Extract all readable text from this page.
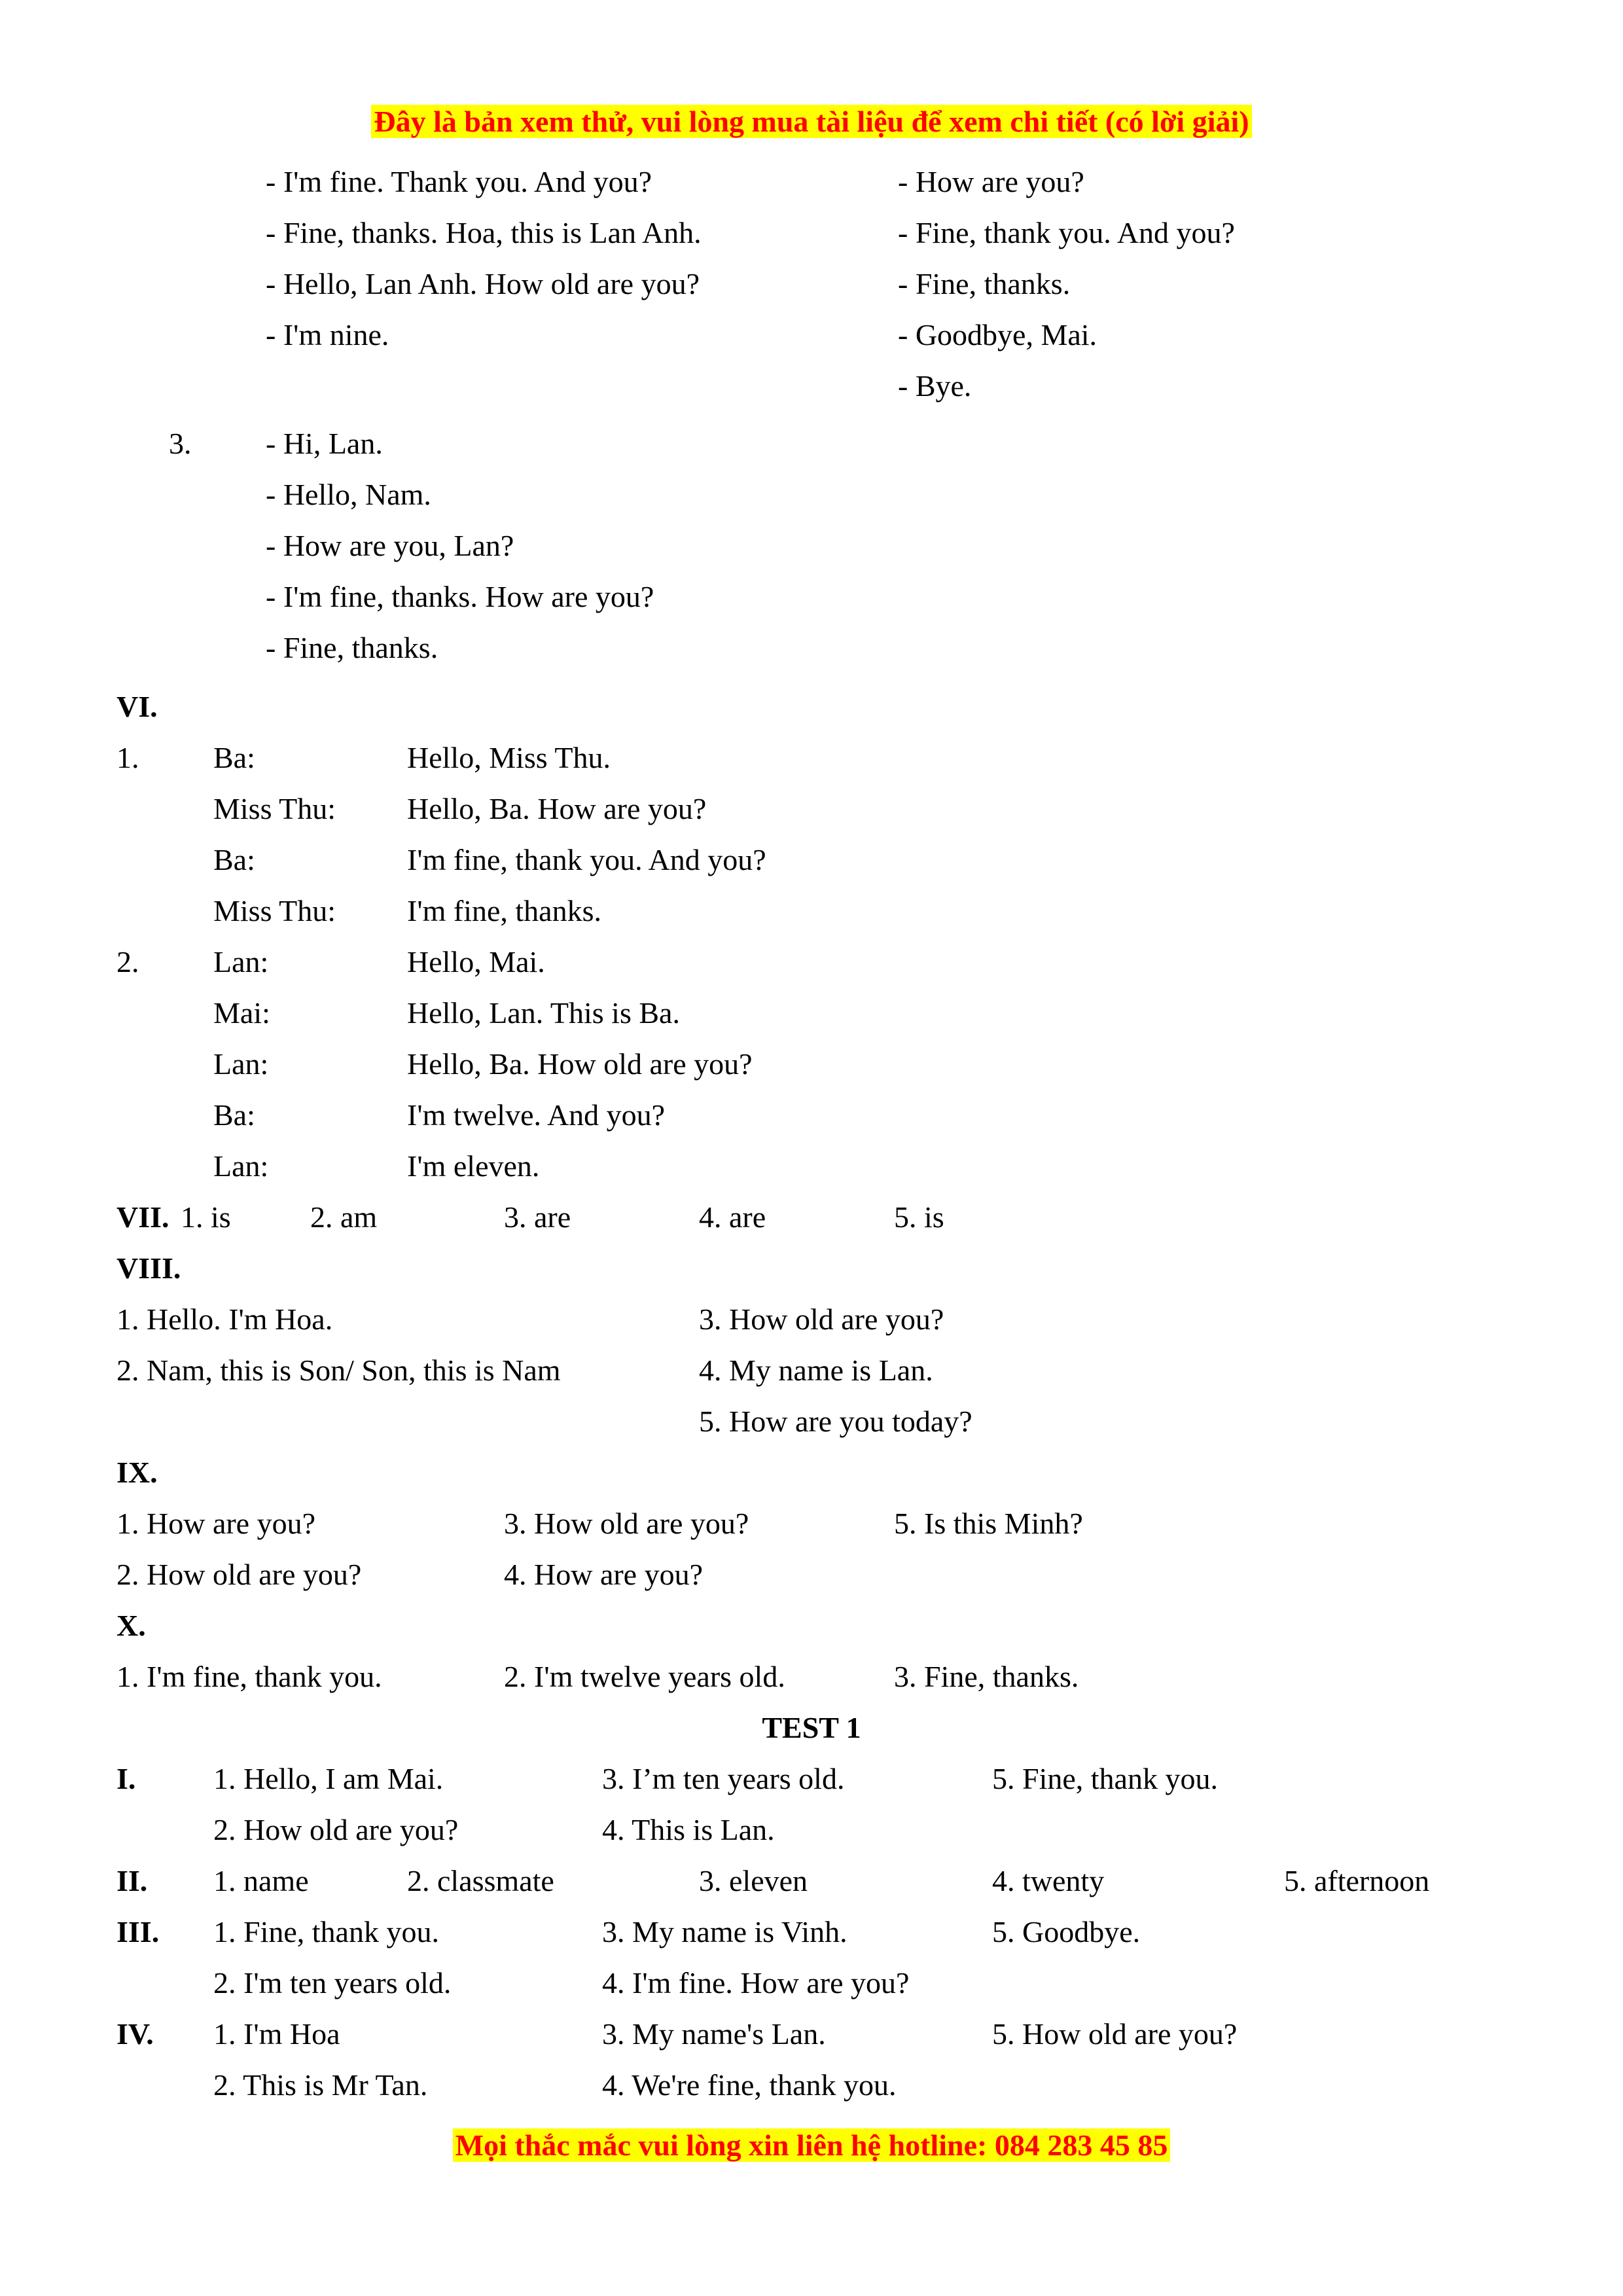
Đây là bản xem thử, vui lòng mua tài liệu để xem chi tiết (có lời giải)
- I'm fine. Thank you. And you?
- Fine, thanks. Hoa, this is Lan Anh.
- Hello, Lan Anh. How old are you?
- I'm nine.
- How are you?
- Fine, thank you. And you?
- Fine, thanks.
- Goodbye, Mai.
- Bye.
3. - Hi, Lan.
- Hello, Nam.
- How are you, Lan?
- I'm fine, thanks. How are you?
- Fine, thanks.
VI.
1. Ba:	Hello, Miss Thu.
Miss Thu: Hello, Ba. How are you?
Ba:	I'm fine, thank you. And you?
Miss Thu: I'm fine, thanks.
2. Lan:	Hello, Mai.
Mai:	Hello, Lan. This is Ba.
Lan:	Hello, Ba. How old are you?
Ba:	I'm twelve. And you?
Lan:	I'm eleven.
VII. 1. is	2. am	3. are	4. are	5. is
VIII.
1. Hello. I'm Hoa.
2. Nam, this is Son/ Son, this is Nam
3. How old are you?
4. My name is Lan.
5. How are you today?
IX.
1. How are you?
2. How old are you?
3. How old are you?
4. How are you?
5. Is this Minh?
X.
1. I'm fine, thank you.	2. I'm twelve years old.	3. Fine, thanks.
TEST 1
I.	1. Hello, I am Mai.
2. How old are you?
3. I’m ten years old.
4. This is Lan.
5. Fine, thank you.
II. 1. name	2. classmate	3. eleven	4. twenty	5. afternoon
III. 1. Fine, thank you.
2. I'm ten years old.
3. My name is Vinh.
4. I'm fine. How are you?
5. Goodbye.
IV. 1. I'm Hoa
2. This is Mr Tan.
3. My name's Lan.
4. We're fine, thank you.
5. How old are you?
Mọi thắc mắc vui lòng xin liên hệ hotline: 084 283 45 85
